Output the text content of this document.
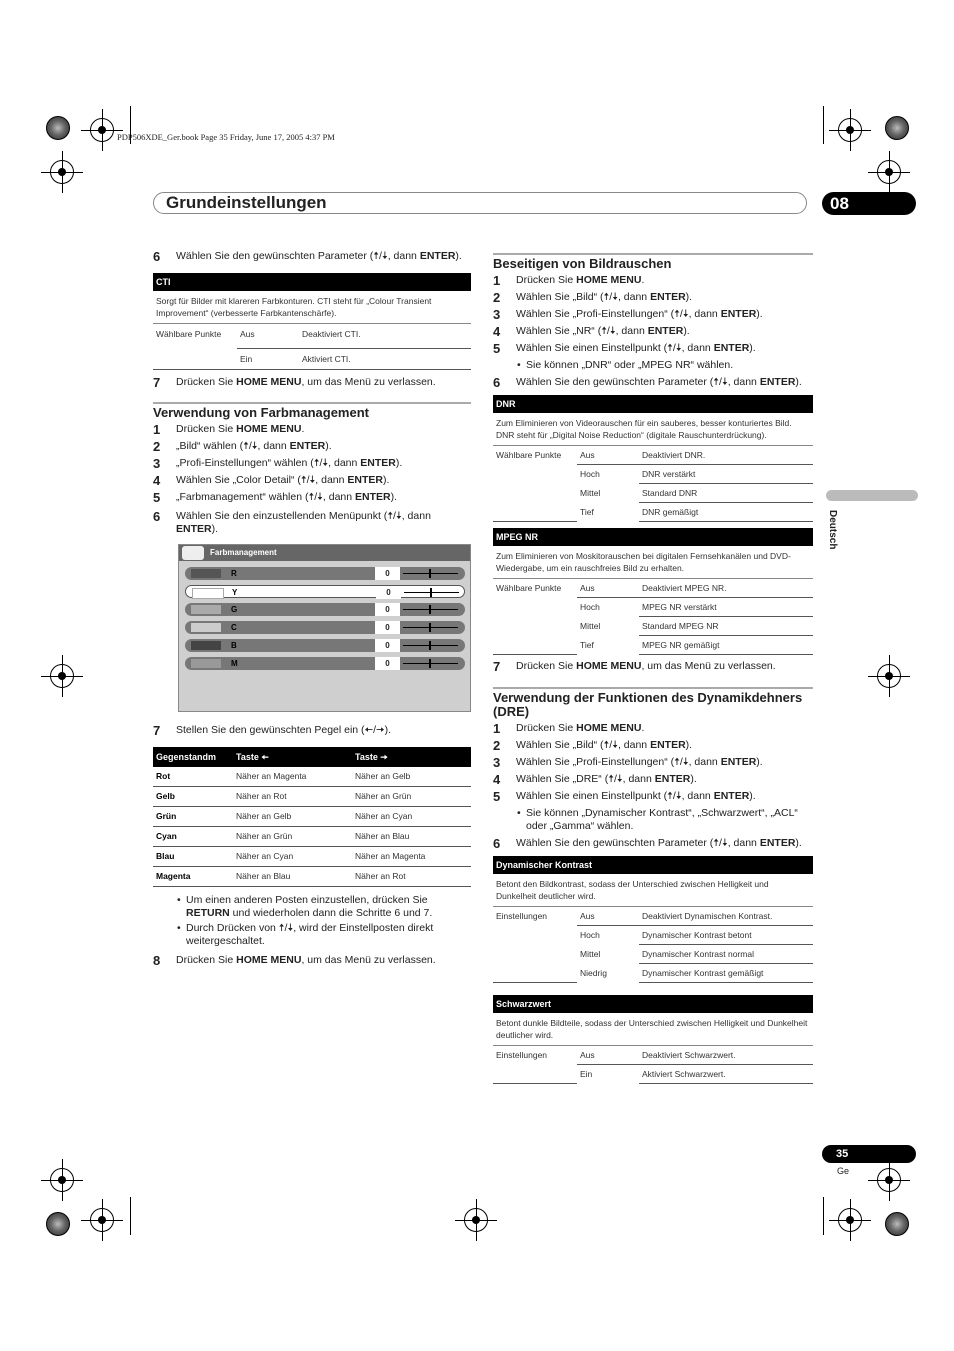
PDP506XDE_Ger.book Page 35 Friday, June 17, 2005 4:37 PM
Grundeinstellungen	08
Deutsch
35
Ge
6 Wählen Sie den gewünschten Parameter (🠅/🠇, dann ENTER).
CTI
Sorgt für Bilder mit klareren Farbkonturen. CTI steht für „Colour Transient Improvement“ (verbesserte Farbkantenschärfe).
Wählbare Punkte	Aus	Deaktiviert CTI.
	Ein	Aktiviert CTI.
7 Drücken Sie HOME MENU, um das Menü zu verlassen.
Verwendung von Farbmanagement
1 Drücken Sie HOME MENU.
2 „Bild“ wählen (🠅/🠇, dann ENTER).
3 „Profi-Einstellungen“ wählen (🠅/🠇, dann ENTER).
4 Wählen Sie „Color Detail“ (🠅/🠇, dann ENTER).
5 „Farbmanagement“ wählen (🠅/🠇, dann ENTER).
6 Wählen Sie den einzustellenden Menüpunkt (🠅/🠇, dann ENTER).
Farbmanagement
R	0
Y	0
G	0
C	0
B	0
M	0
7 Stellen Sie den gewünschten Pegel ein (🠄/🠆).
Gegenstandm	Taste 🠄	Taste 🠆
Rot	Näher an Magenta	Näher an Gelb
Gelb	Näher an Rot	Näher an Grün
Grün	Näher an Gelb	Näher an Cyan
Cyan	Näher an Grün	Näher an Blau
Blau	Näher an Cyan	Näher an Magenta
Magenta	Näher an Blau	Näher an Rot
• Um einen anderen Posten einzustellen, drücken Sie RETURN und wiederholen dann die Schritte 6 und 7.
• Durch Drücken von 🠅/🠇, wird der Einstellposten direkt weitergeschaltet.
8 Drücken Sie HOME MENU, um das Menü zu verlassen.
Beseitigen von Bildrauschen
1 Drücken Sie HOME MENU.
2 Wählen Sie „Bild“ (🠅/🠇, dann ENTER).
3 Wählen Sie „Profi-Einstellungen“ (🠅/🠇, dann ENTER).
4 Wählen Sie „NR“ (🠅/🠇, dann ENTER).
5 Wählen Sie einen Einstellpunkt (🠅/🠇, dann ENTER).
• Sie können „DNR“ oder „MPEG NR“ wählen.
6 Wählen Sie den gewünschten Parameter (🠅/🠇, dann ENTER).
DNR
Zum Eliminieren von Videorauschen für ein sauberes, besser konturiertes Bild. DNR steht für „Digital Noise Reduction“ (digitale Rauschunterdrückung).
Wählbare Punkte	Aus	Deaktiviert DNR.
	Hoch	DNR verstärkt
	Mittel	Standard DNR
	Tief	DNR gemäßigt
MPEG NR
Zum Eliminieren von Moskitorauschen bei digitalen Fernsehkanälen und DVD-Wiedergabe, um ein rauschfreies Bild zu erhalten.
Wählbare Punkte	Aus	Deaktiviert MPEG NR.
	Hoch	MPEG NR verstärkt
	Mittel	Standard MPEG NR
	Tief	MPEG NR gemäßigt
7 Drücken Sie HOME MENU, um das Menü zu verlassen.
Verwendung der Funktionen des Dynamikdehners (DRE)
1 Drücken Sie HOME MENU.
2 Wählen Sie „Bild“ (🠅/🠇, dann ENTER).
3 Wählen Sie „Profi-Einstellungen“ (🠅/🠇, dann ENTER).
4 Wählen Sie „DRE“ (🠅/🠇, dann ENTER).
5 Wählen Sie einen Einstellpunkt (🠅/🠇, dann ENTER).
• Sie können „Dynamischer Kontrast“, „Schwarzwert“, „ACL“ oder „Gamma“ wählen.
6 Wählen Sie den gewünschten Parameter (🠅/🠇, dann ENTER).
Dynamischer Kontrast
Betont den Bildkontrast, sodass der Unterschied zwischen Helligkeit und Dunkelheit deutlicher wird.
Einstellungen	Aus	Deaktiviert Dynamischen Kontrast.
	Hoch	Dynamischer Kontrast betont
	Mittel	Dynamischer Kontrast normal
	Niedrig	Dynamischer Kontrast gemäßigt
Schwarzwert
Betont dunkle Bildteile, sodass der Unterschied zwischen Helligkeit und Dunkelheit deutlicher wird.
Einstellungen	Aus	Deaktiviert Schwarzwert.
	Ein	Aktiviert Schwarzwert.
